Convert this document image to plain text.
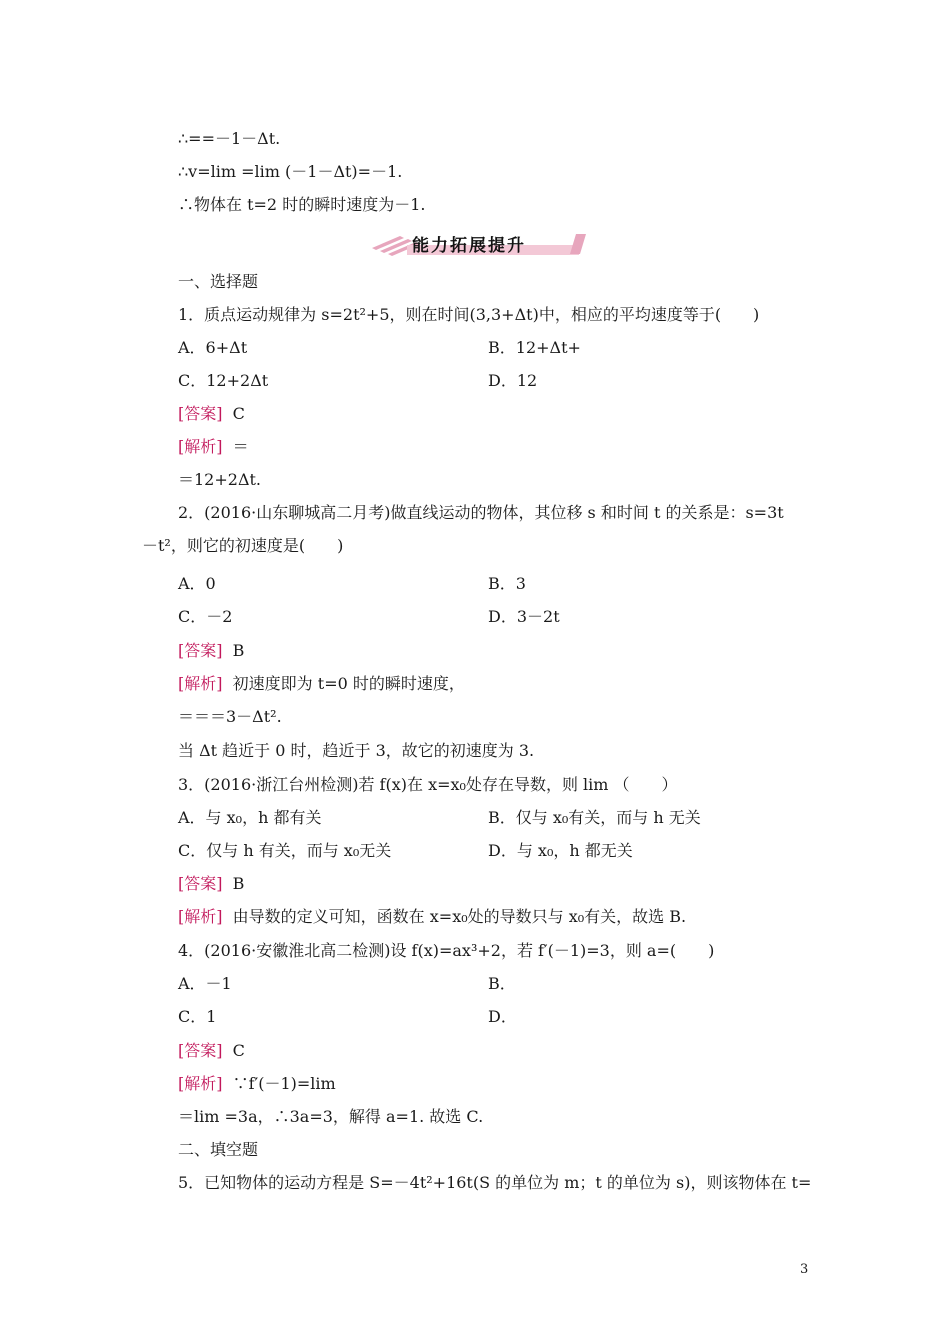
∴==－1－Δt.
∴v=lim =lim (－1－Δt)=－1.
∴物体在 t=2 时的瞬时速度为－1.
能力拓展提升
一、选择题
1．质点运动规律为 s=2t²+5，则在时间(3,3+Δt)中，相应的平均速度等于(　　)
A．6+Δt	B．12+Δt+
C．12+2Δt	D．12
[答案] C
[解析] ＝
＝12+2Δt.
2．(2016·山东聊城高二月考)做直线运动的物体，其位移 s 和时间 t 的关系是：s=3t
－t²，则它的初速度是(　　)
A．0	B．3
C．－2	D．3－2t
[答案] B
[解析] 初速度即为 t=0 时的瞬时速度，
＝＝＝3－Δt².
当 Δt 趋近于 0 时，趋近于 3，故它的初速度为 3.
3．(2016·浙江台州检测)若 f(x)在 x=x₀处存在导数，则 lim （　　）
A．与 x₀，h 都有关	B．仅与 x₀有关，而与 h 无关
C．仅与 h 有关，而与 x₀无关	D．与 x₀，h 都无关
[答案] B
[解析] 由导数的定义可知，函数在 x=x₀处的导数只与 x₀有关，故选 B.
4．(2016·安徽淮北高二检测)设 f(x)=ax³+2，若 f′(－1)=3，则 a=(　　)
A．－1	B．
C．1	D．
[答案] C
[解析] ∵f′(－1)=lim
＝lim =3a，∴3a=3，解得 a=1. 故选 C.
二、填空题
5．已知物体的运动方程是 S=－4t²+16t(S 的单位为 m；t 的单位为 s)，则该物体在 t=
3
